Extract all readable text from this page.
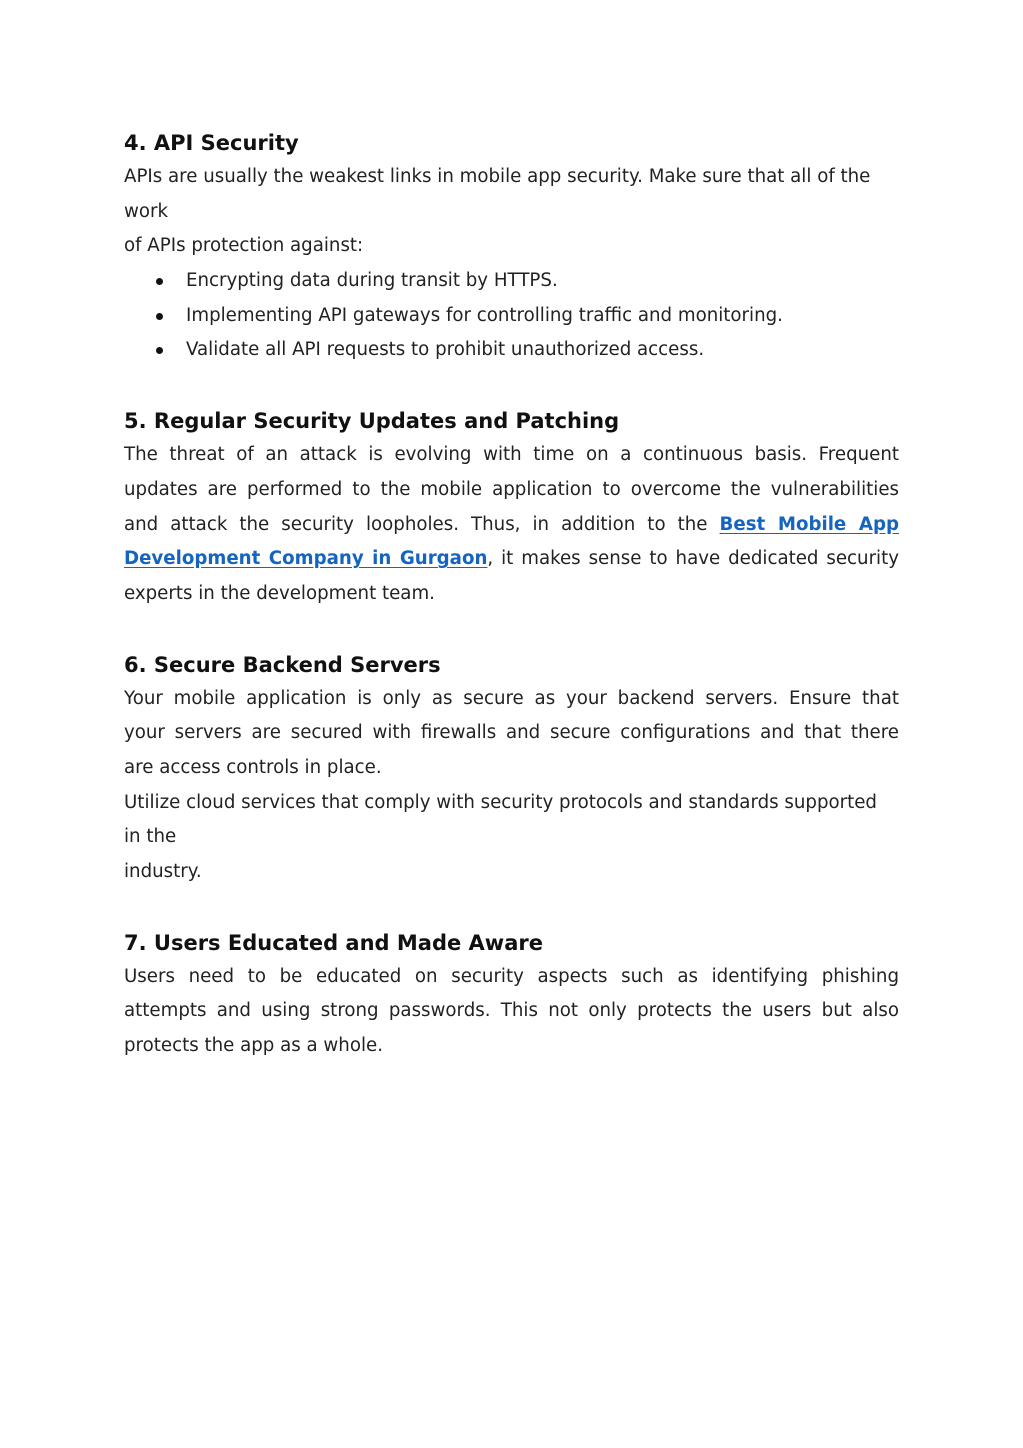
4. API Security

APIs are usually the weakest links in mobile app security. Make sure that all of the

work

of APIs protection against:

Encrypting data during transit by HTTPS.
Implementing API gateways for controlling traffic and monitoring.
Validate all API requests to prohibit unauthorized access.
5. Regular Security Updates and Patching

The threat of an attack is evolving with time on a continuous basis. Frequent

updates are performed to the mobile application to overcome the vulnerabilities

and attack the security loopholes. Thus, in addition to the Best Mobile App

Development Company in Gurgaon, it makes sense to have dedicated security

experts in the development team.

6. Secure Backend Servers

Your mobile application is only as secure as your backend servers. Ensure that

your servers are secured with firewalls and secure configurations and that there

are access controls in place.

Utilize cloud services that comply with security protocols and standards supported

in the

industry.

7. Users Educated and Made Aware

Users need to be educated on security aspects such as identifying phishing

attempts and using strong passwords. This not only protects the users but also

protects the app as a whole.
